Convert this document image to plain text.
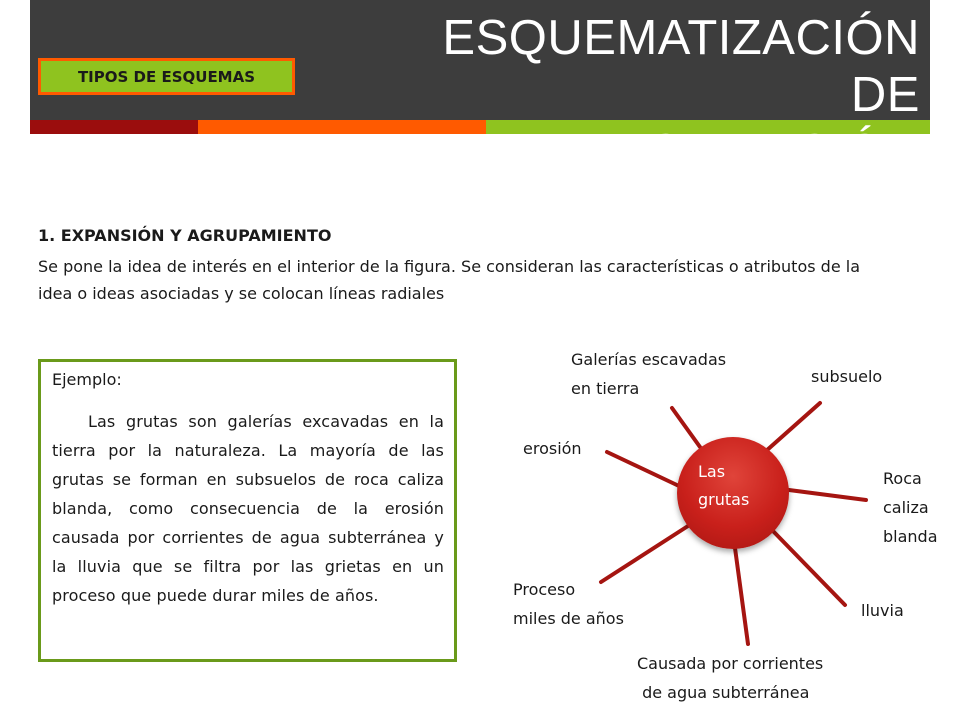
ESQUEMATIZACIÓN DE
LA INFORMACIÓN
TIPOS DE ESQUEMAS

1. EXPANSIÓN Y AGRUPAMIENTO

Se pone la idea de interés en el interior de la figura. Se consideran las características o atributos de la idea o ideas asociadas y se colocan líneas radiales

Ejemplo:

Las grutas son galerías excavadas en la tierra por la naturaleza. La mayoría de las grutas se forman en subsuelos de roca caliza blanda, como consecuencia de la erosión causada por corrientes de agua subterránea y la lluvia que se filtra por las grietas en un proceso que puede durar miles de años.

Las
grutas

Galerías escavadas
en tierra

subsuelo

erosión

Roca
caliza
blanda

Proceso
miles de años	lluvia

Causada por corrientes
de agua subterránea
